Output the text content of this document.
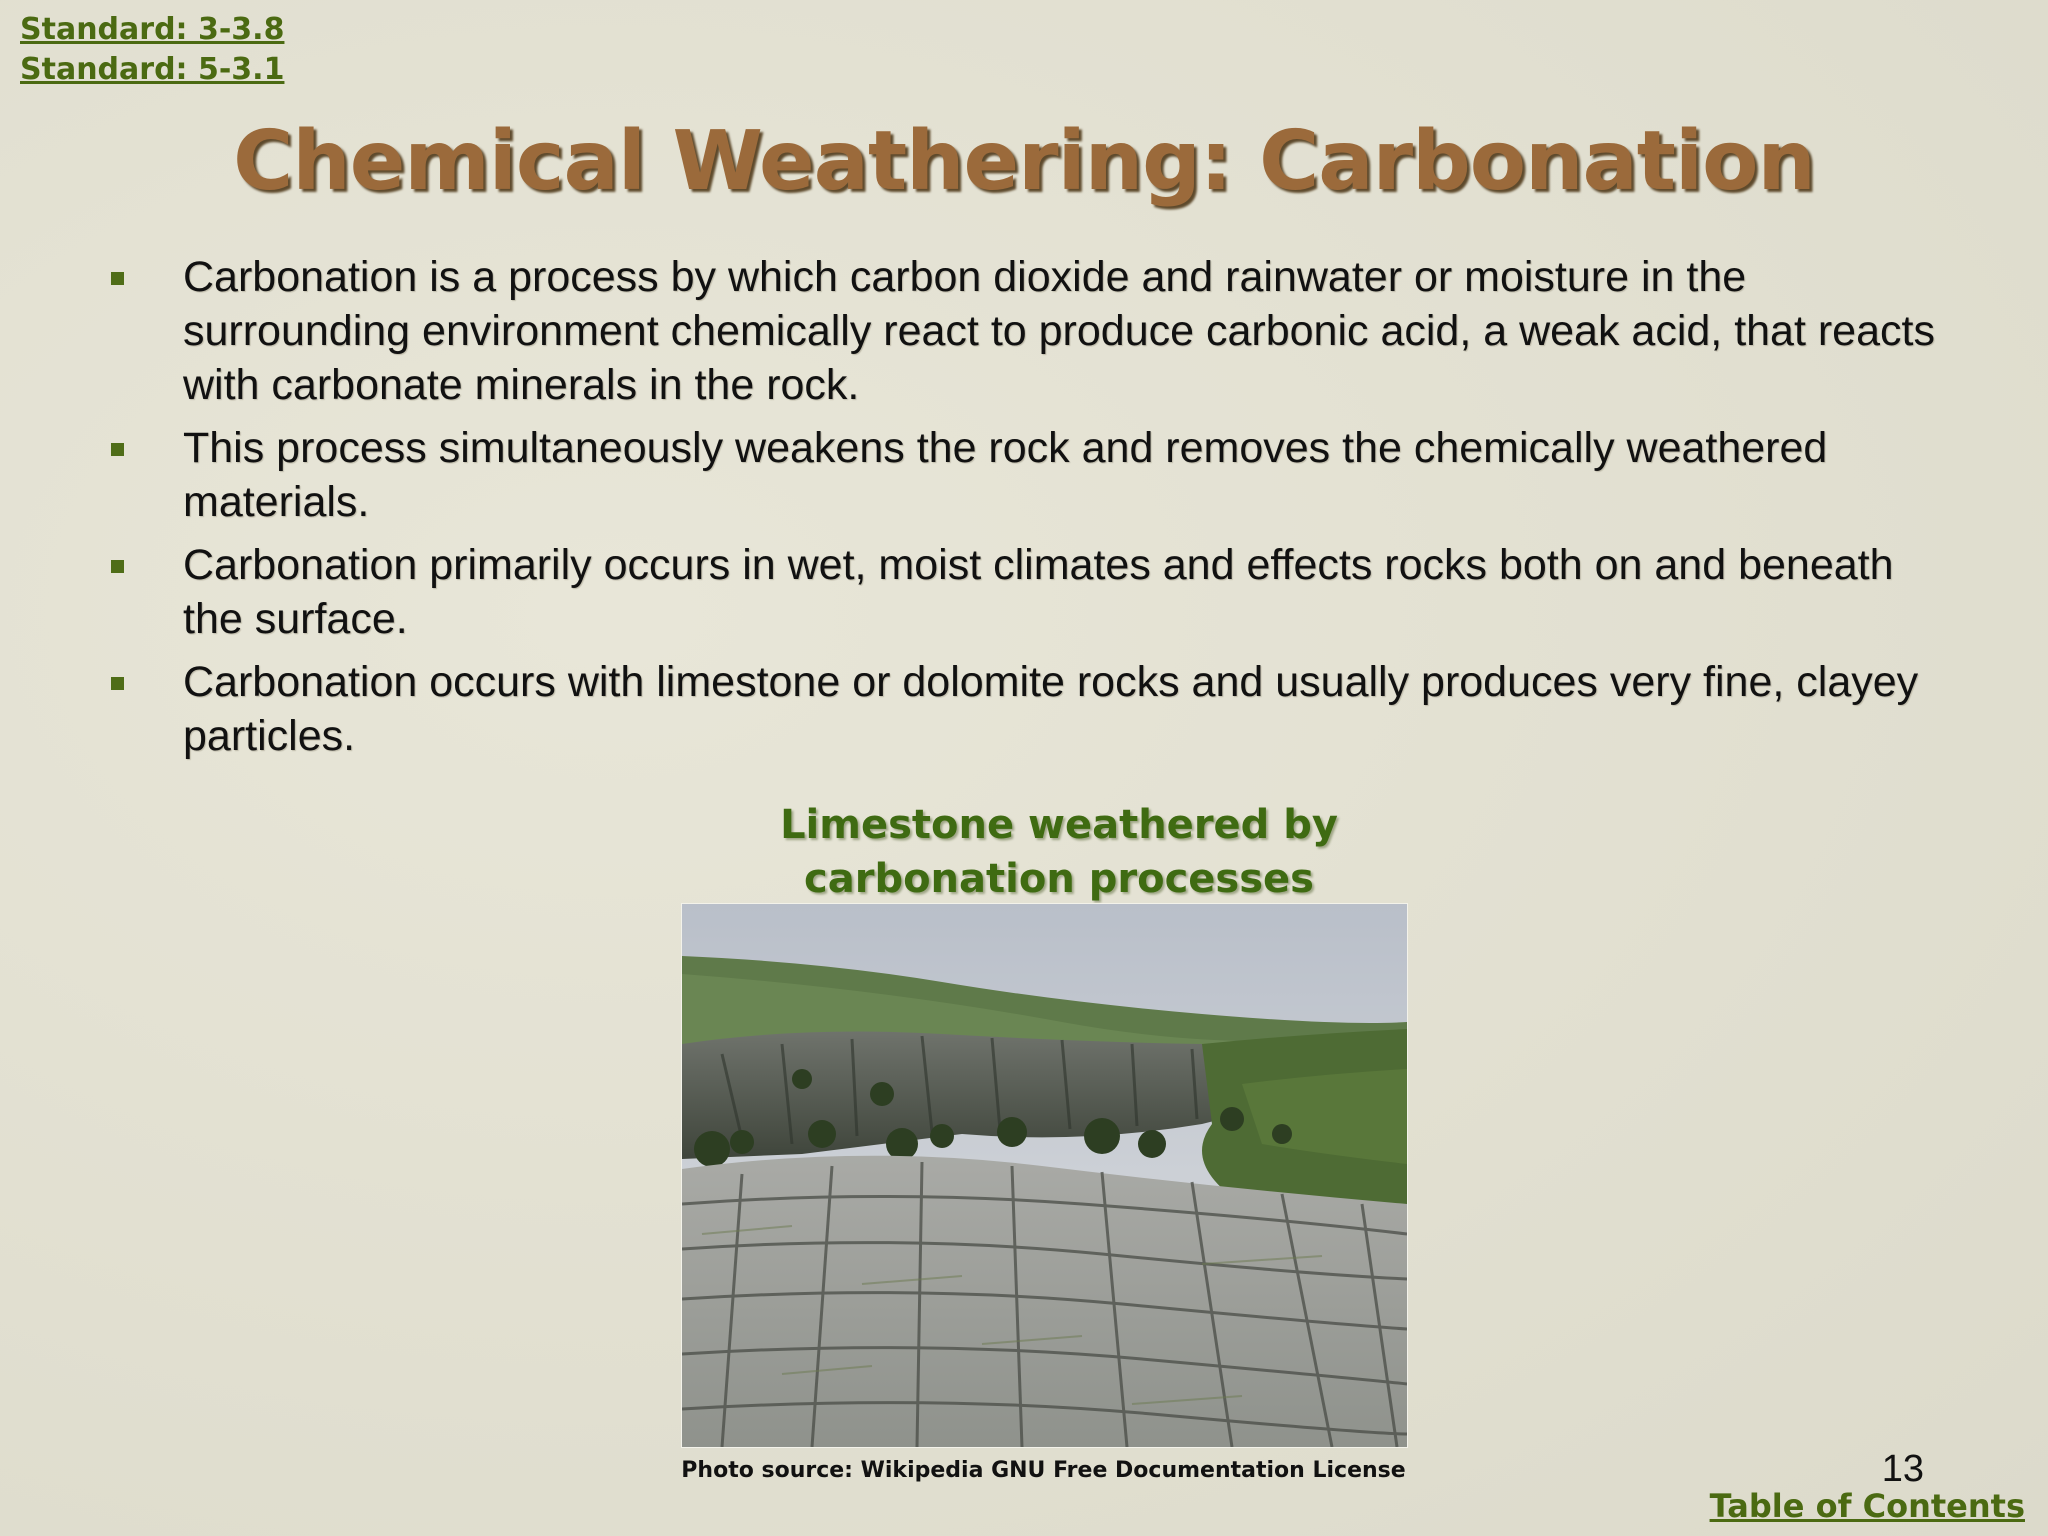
Standard: 3-3.8
Standard: 5-3.1
Chemical Weathering: Carbonation
Carbonation is a process by which carbon dioxide and rainwater or moisture in the surrounding environment chemically react to produce carbonic acid, a weak acid, that reacts with carbonate minerals in the rock.
This process simultaneously weakens the rock and removes the chemically weathered materials.
Carbonation primarily occurs in wet, moist climates and effects rocks both on and beneath the surface.
Carbonation occurs with limestone or dolomite rocks and usually produces very fine, clayey particles.
Limestone weathered by
carbonation processes
Photo source: Wikipedia GNU Free Documentation License	13
Table of Contents
